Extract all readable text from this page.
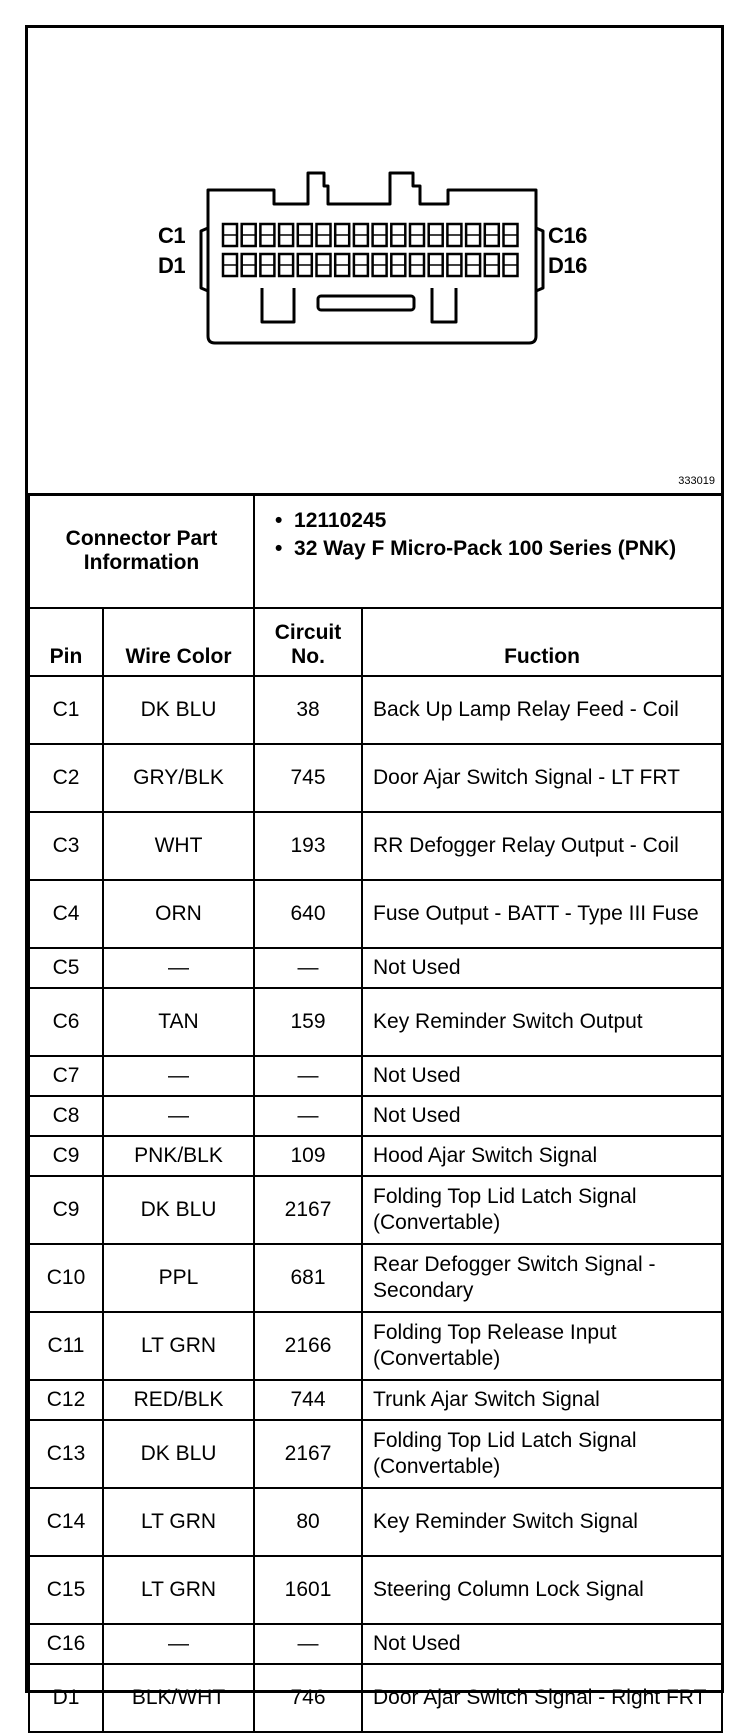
C1
D1
C16
D16
333019
Connector Part Information		•  12110245
•  32 Way F Micro-Pack 100 Series (PNK)	

Pin	Wire Color	Circuit No.	Fuction
C1	DK BLU	38	Back Up Lamp Relay Feed - Coil
C2	GRY/BLK	745	Door Ajar Switch Signal - LT FRT
C3	WHT	193	RR Defogger Relay Output - Coil
C4	ORN	640	Fuse Output - BATT - Type III Fuse
C5	—	—	Not Used
C6	TAN	159	Key Reminder Switch Output
C7	—	—	Not Used
C8	—	—	Not Used
C9	PNK/BLK	109	Hood Ajar Switch Signal
C9	DK BLU	2167	Folding Top Lid Latch Signal (Convertable)
C10	PPL	681	Rear Defogger Switch Signal - Secondary
C11	LT GRN	2166	Folding Top Release Input (Convertable)
C12	RED/BLK	744	Trunk Ajar Switch Signal
C13	DK BLU	2167	Folding Top Lid Latch Signal (Convertable)
C14	LT GRN	80	Key Reminder Switch Signal
C15	LT GRN	1601	Steering Column Lock Signal
C16	—	—	Not Used
D1	BLK/WHT	746	Door Ajar Switch Signal - Right FRT
